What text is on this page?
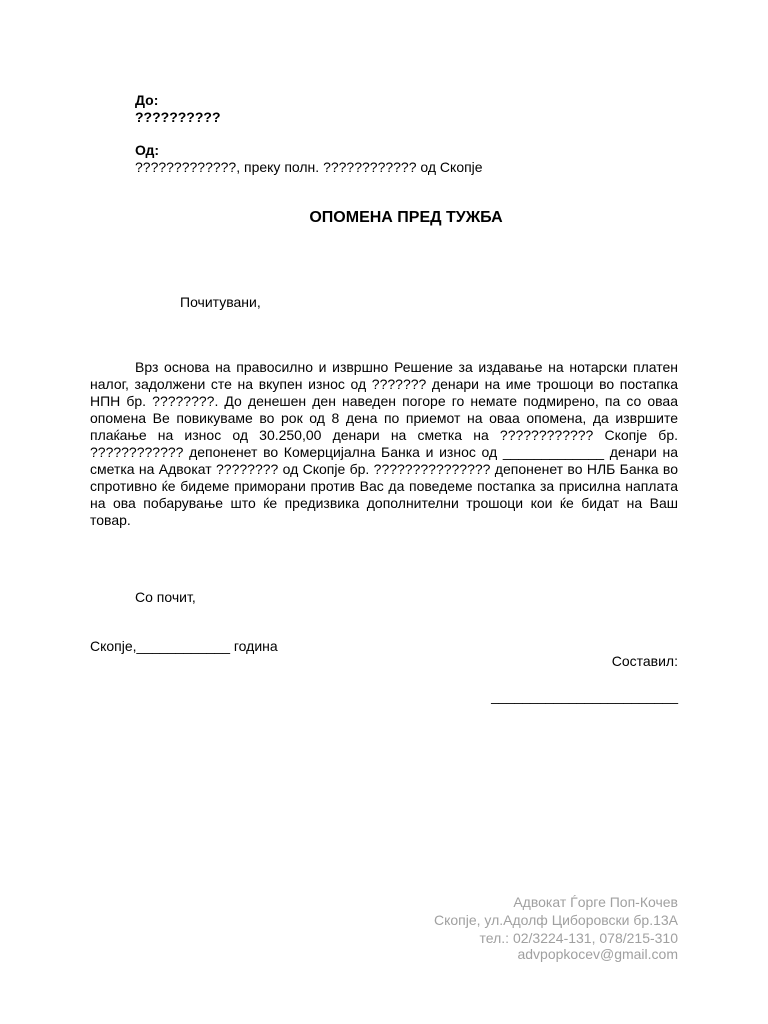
До:
??????????
Од:
?????????????, преку полн. ???????????? од Скопје
ОПОМЕНА ПРЕД ТУЖБА
Почитувани,
Врз основа на правосилно и извршно Решение за издавање на нотарски платен налог, задолжени сте на вкупен износ од ??????? денари на име трошоци во постапка НПН бр. ????????. До денешен ден наведен погоре го немате подмирено, па со оваа опомена Ве повикуваме во рок од 8 дена по приемот на оваа опомена, да извршите плаќање на износ од 30.250,00 денари на сметка на ???????????? Скопје бр. ???????????? депоненет во Комерцијална Банка и износ од _____________ денари на сметка на Адвокат ???????? од Скопје бр. ??????????????? депоненет во НЛБ Банка во спротивно ќе бидеме приморани против Вас да поведеме постапка за присилна наплата на ова побарување што ќе предизвика дополнителни трошоци кои ќе бидат на Ваш товар.
Со почит,
Скопје,____________ година
Составил:
________________________
Адвокат Ѓорге Поп-Кочев
Скопје, ул.Адолф Циборовски бр.13А
тел.: 02/3224-131, 078/215-310
advpopkocev@gmail.com
